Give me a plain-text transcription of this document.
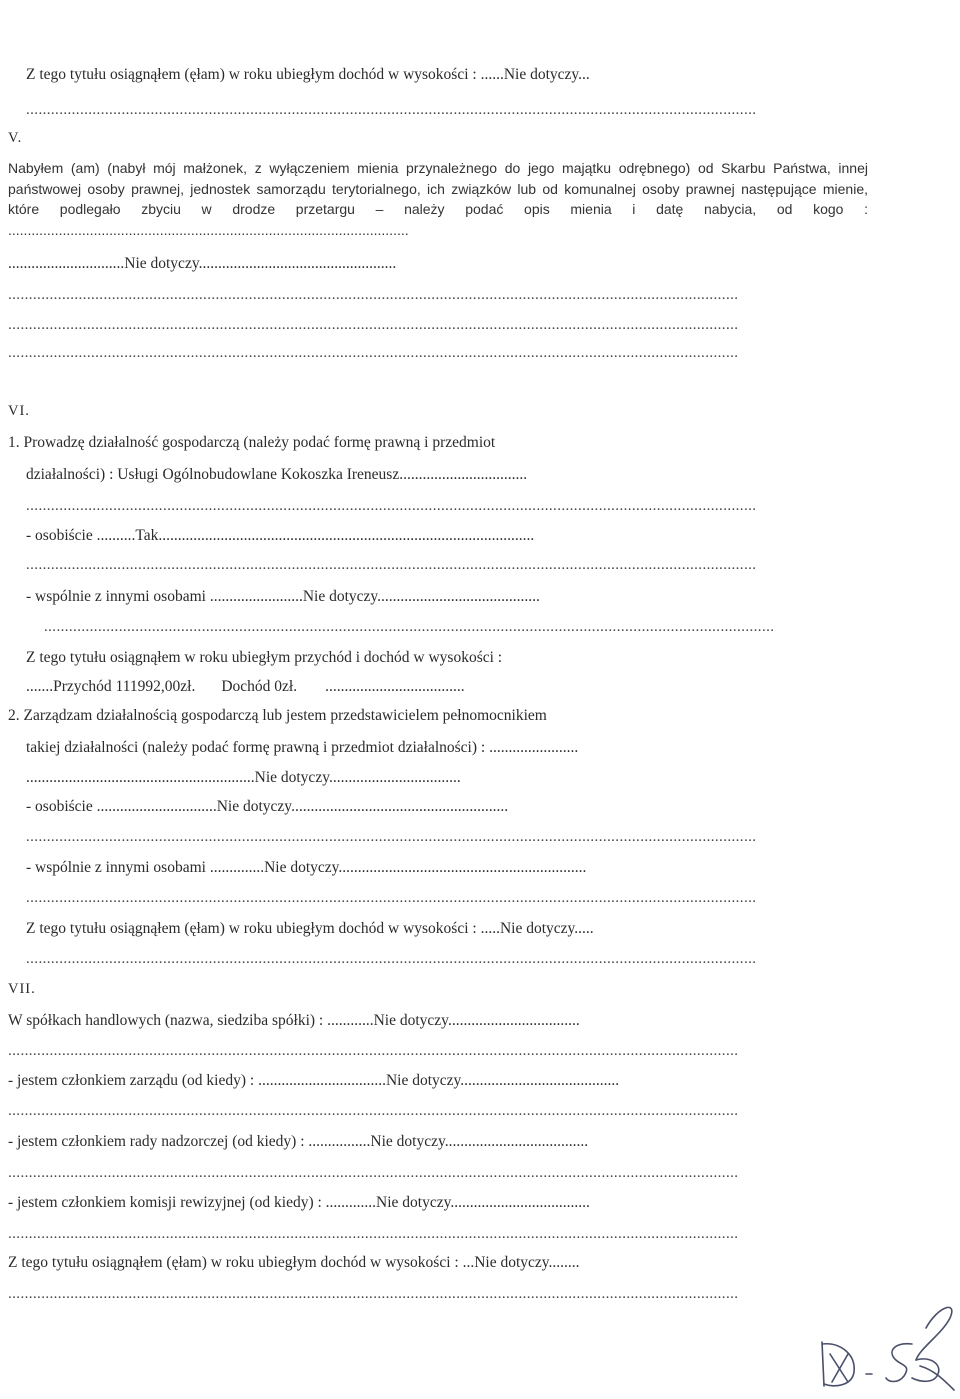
Z tego tytułu osiągnąłem (ęłam) w roku ubiegłym dochód w wysokości : ......Nie dotyczy...
................................................................................................................................................................................
V.
Nabyłem (am) (nabył mój małżonek, z wyłączeniem mienia przynależnego do jego majątku odrębnego) od Skarbu Państwa, innej państwowej osoby prawnej, jednostek samorządu terytorialnego, ich związków lub od komunalnej osoby prawnej następujące mienie, które podlegało zbyciu w drodze przetargu – należy podać opis mienia i datę nabycia, od kogo : .......................................................................................................
..............................Nie dotyczy...................................................
................................................................................................................................................................................
................................................................................................................................................................................
................................................................................................................................................................................
VI.
1. Prowadzę działalność gospodarczą (należy podać formę prawną i przedmiot
działalności) : Usługi Ogólnobudowlane Kokoszka Ireneusz.................................
................................................................................................................................................................................
- osobiście ..........Tak.................................................................................................
................................................................................................................................................................................
- wspólnie z innymi osobami ........................Nie dotyczy..........................................
................................................................................................................................................................................
Z tego tytułu osiągnąłem w roku ubiegłym przychód i dochód w wysokości :
.......Przychód 111992,00zł. Dochód 0zł. ....................................
2. Zarządzam działalnością gospodarczą lub jestem przedstawicielem pełnomocnikiem
takiej działalności (należy podać formę prawną i przedmiot działalności) : .......................
...........................................................Nie dotyczy..................................
- osobiście ...............................Nie dotyczy........................................................
................................................................................................................................................................................
- wspólnie z innymi osobami ..............Nie dotyczy................................................................
................................................................................................................................................................................
Z tego tytułu osiągnąłem (ęłam) w roku ubiegłym dochód w wysokości : .....Nie dotyczy.....
................................................................................................................................................................................
VII.
W spółkach handlowych (nazwa, siedziba spółki) : ............Nie dotyczy..................................
................................................................................................................................................................................
- jestem członkiem zarządu (od kiedy) : .................................Nie dotyczy.........................................
................................................................................................................................................................................
- jestem członkiem rady nadzorczej (od kiedy) : ................Nie dotyczy.....................................
................................................................................................................................................................................
- jestem członkiem komisji rewizyjnej (od kiedy) : .............Nie dotyczy....................................
................................................................................................................................................................................
Z tego tytułu osiągnąłem (ęłam) w roku ubiegłym dochód w wysokości : ...Nie dotyczy........
................................................................................................................................................................................
